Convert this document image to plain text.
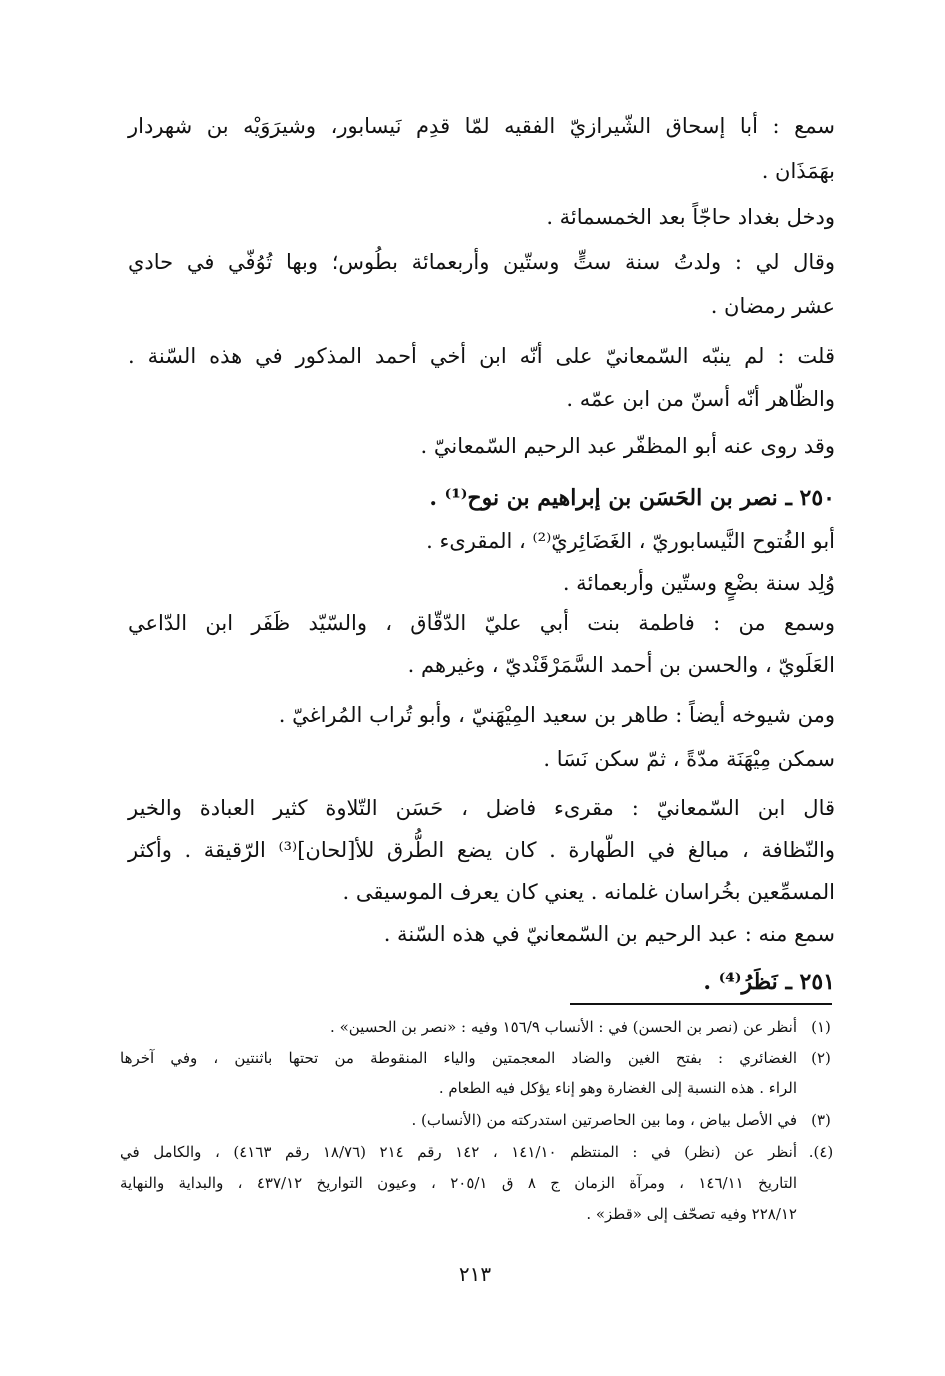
سمع : أبا إسحاق الشّيرازيّ الفقيه لمّا قدِم نَيسابور، وشيرَوَيْه بن شهردار
بهَمَذَان .
ودخل بغداد حاجّاً بعد الخمسمائة .
وقال لي : ولدتُ سنة ستٍّ وستّين وأربعمائة بطُوس؛ وبها تُوُفّي في حادي
عشر رمضان .
قلت : لم ينبّه السّمعانيّ على أنّه ابن أخي أحمد المذكور في هذه السّنة .
والظّاهر أنّه أسنّ من ابن عمّه .
وقد روى عنه أبو المظفّر عبد الرحيم السّمعانيّ .
٢٥٠ ـ نصر بن الحَسَن بن إبراهيم بن نوح⁽¹⁾ .
أبو الفُتوح النَّيسابوريّ ، الغَضَائِريّ⁽²⁾ ، المقرىء .
وُلِد سنة بضْعٍ وستّين وأربعمائة .
وسمع من : فاطمة بنت أبي عليّ الدّقّاق ، والسّيّد ظَفَر ابن الدّاعي
العَلَويّ ، والحسن بن أحمد السَّمَرْقَنْديّ ، وغيرهم .
ومن شيوخه أيضاً : طاهر بن سعيد المِيْهَنيّ ، وأبو تُراب المُراغيّ .
سمكن مِيْهَنَة مدّةً ، ثمّ سكن نَسَا .
قال ابن السّمعانيّ : مقرىء فاضل ، حَسَن التّلاوة كثير العبادة والخير
والنّظافة ، مبالغ في الطّهارة . كان يضع الطُّرق للأ[لحان]⁽³⁾ الرّقيقة . وأكثر
المسمِّعين بخُراسان غلمانه . يعني كان يعرف الموسيقى .
سمع منه : عبد الرحيم بن السّمعانيّ في هذه السّنة .
٢٥١ ـ نَظَرُ⁽⁴⁾ .
(١)
أنظر عن (نصر بن الحسن) في : الأنساب ١٥٦/٩ وفيه : «نصر بن الحسين» .
(٢)
الغضائري : بفتح الغين والضاد المعجمتين والياء المنقوطة من تحتها باثنتين ، وفي آخرها
الراء . هذه النسبة إلى الغضارة وهو إناء يؤكل فيه الطعام .
(٣)
في الأصل بياض ، وما بين الحاصرتين استدركته من (الأنساب) .
(٤).
أنظر عن (نظر) في : المنتظم ١٤١/١٠ ، ١٤٢ رقم ٢١٤ (١٨/٧٦ رقم ٤١٦٣) ، والكامل في
التاريخ ١٤٦/١١ ، ومرآة الزمان ج ٨ ق ٢٠٥/١ ، وعيون التواريخ ٤٣٧/١٢ ، والبداية والنهاية
٢٢٨/١٢ وفيه تصحّف إلى «قطز» .
٢١٣
